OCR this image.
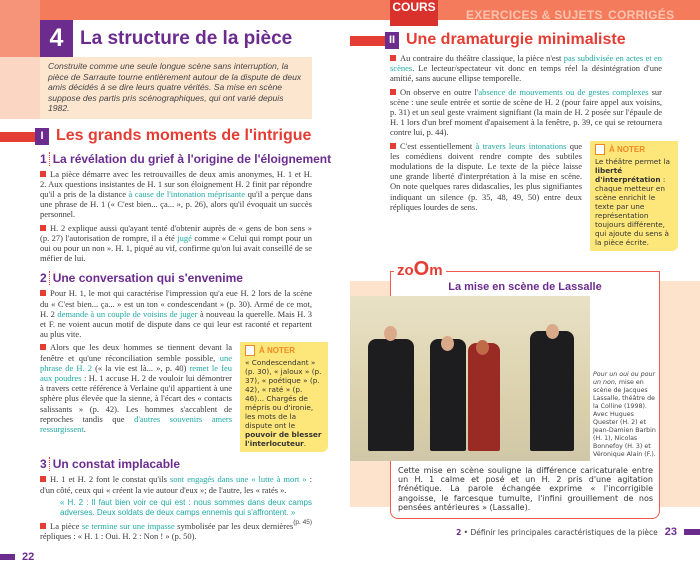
4 La structure de la pièce
Construite comme une seule longue scène sans interruption, la pièce de Sarraute tourne entièrement autour de la dispute de deux amis décidés à se dire leurs quatre vérités. Sa mise en scène suppose des partis pris scénographiques, qui ont varié depuis 1982.
I Les grands moments de l'intrigue
1 La révélation du grief à l'origine de l'éloignement

La pièce démarre avec les retrouvailles de deux amis anonymes, H. 1 et H. 2. Aux questions insistantes de H. 1 sur son éloignement H. 2 finit par répondre qu'il a pris de la distance à cause de l'intonation méprisante qu'il a perçue dans une phrase de H. 1 (« C'est bien... ça... », p. 26), alors qu'il évoquait un succès personnel.

H. 2 explique aussi qu'ayant tenté d'obtenir auprès de « gens de bon sens » (p. 27) l'autorisation de rompre, il a été jugé comme « Celui qui rompt pour un oui ou pour un non ». H. 1, piqué au vif, confirme qu'on lui avait conseillé de se méfier de lui.

2 Une conversation qui s'envenime

Pour H. 1, le mot qui caractérise l'impression qu'a eue H. 2 lors de la scène du « C'est bien... ça... » est un ton « condescendant » (p. 30). Armé de ce mot, H. 2 demande à un couple de voisins de juger à nouveau la querelle. Mais H. 3 et F. ne voient aucun motif de dispute dans ce qui leur est raconté et repartent au plus vite.

Alors que les deux hommes se tiennent devant la fenêtre et qu'une réconciliation semble possible, une phrase de H. 2 (« la vie est là... », p. 40) remet le feu aux poudres : H. 1 accuse H. 2 de vouloir lui démontrer à travers cette référence à Verlaine qu'il appartient à une sphère plus élevée que la sienne, à l'écart des « contacts salissants » (p. 42). Les hommes s'accablent de reproches tandis que d'autres souvenirs amers ressurgissent.

À NOTER
« Condescendant » (p. 30), « jaloux » (p. 37), « poétique » (p. 42), « raté » (p. 46)... Chargés de mépris ou d'ironie, les mots de la dispute ont le pouvoir de blesser l'interlocuteur.
3 Un constat implacable

H. 1 et H. 2 font le constat qu'ils sont engagés dans une « lutte à mort » : d'un côté, ceux qui « créent la vie autour d'eux »; de l'autre, les « ratés ».

« H. 2 : Il faut bien voir ce qui est : nous sommes dans deux camps adverses. Deux soldats de deux camps ennemis qui s'affrontent. »
(p. 45)

La pièce se termine sur une impasse symbolisée par les deux dernières répliques : « H. 1 : Oui. H. 2 : Non ! » (p. 50).

22
COURS
EXERCICES & SUJETS CORRIGÉS
II Une dramaturgie minimaliste

Au contraire du théâtre classique, la pièce n'est pas subdivisée en actes et en scènes. Le lecteur/spectateur vit donc en temps réel la désintégration d'une amitié, sans aucune ellipse temporelle.

On observe en outre l'absence de mouvements ou de gestes complexes sur scène : une seule entrée et sortie de scène de H. 2 (pour faire appel aux voisins, p. 31) et un seul geste vraiment signifiant (la main de H. 2 posée sur l'épaule de H. 1 lors d'un bref moment d'apaisement à la fenêtre, p. 39, ce qui se retournera contre lui, p. 44).

C'est essentiellement à travers leurs intonations que les comédiens doivent rendre compte des subtiles modulations de la dispute. Le texte de la pièce laisse une grande liberté d'interprétation à la mise en scène. On note quelques rares didascalies, les plus signifiantes indiquant un silence (p. 35, 48, 49, 50) entre deux répliques lourdes de sens.

À NOTER
Le théâtre permet la liberté d'interprétation : chaque metteur en scène enrichit le texte par une représentation toujours différente, qui ajoute du sens à la pièce écrite.
zoOm
La mise en scène de Lassalle
Pour un oui ou pour un non, mise en scène de Jacques Lassalle, théâtre de la Colline (1998). Avec Hugues Quester (H. 2) et Jean-Damien Barbin (H. 1), Nicolas Bonnefoy (H. 3) et Véronique Alain (F.).
Cette mise en scène souligne la différence caricaturale entre un H. 1 calme et posé et un H. 2 pris d'une agitation frénétique. La parole échangée exprime « l'incorrigible angoisse, le farcesque tumulte, l'infini grouillement de nos pensées antérieures » (Lassalle).
2 • Définir les principales caractéristiques de la pièce 23
